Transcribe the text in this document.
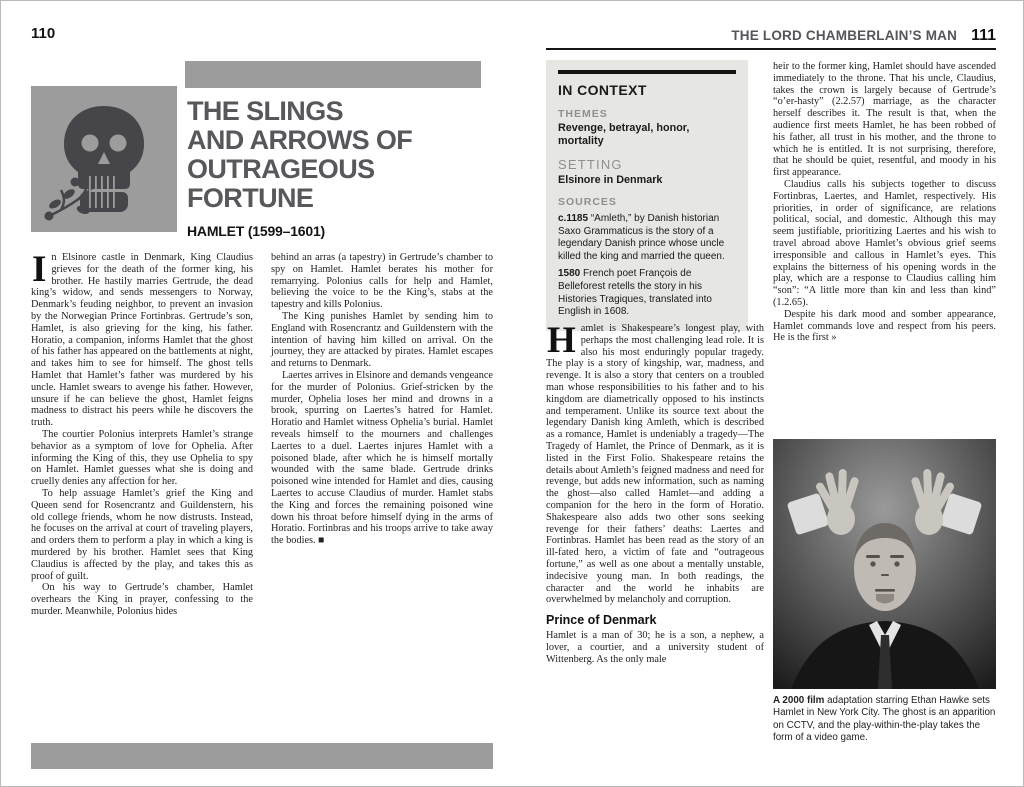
110
THE SLINGS
AND ARROWS OF
OUTRAGEOUS FORTUNE
HAMLET (1599–1601)

In Elsinore castle in Denmark, King Claudius grieves for the death of the former king, his brother. He hastily marries Gertrude, the dead king’s widow, and sends messengers to Norway, Denmark’s feuding neighbor, to prevent an invasion by the Norwegian Prince Fortinbras. Gertrude’s son, Hamlet, is also grieving for the king, his father. Horatio, a companion, informs Hamlet that the ghost of his father has appeared on the battlements at night, and takes him to see for himself. The ghost tells Hamlet that Hamlet’s father was murdered by his uncle. Hamlet swears to avenge his father. However, unsure if he can believe the ghost, Hamlet feigns madness to distract his peers while he discovers the truth.

The courtier Polonius interprets Hamlet’s strange behavior as a symptom of love for Ophelia. After informing the King of this, they use Ophelia to spy on Hamlet. Hamlet guesses what she is doing and cruelly denies any affection for her.

To help assuage Hamlet’s grief the King and Queen send for Rosencrantz and Guildenstern, his old college friends, whom he now distrusts. Instead, he focuses on the arrival at court of traveling players, and orders them to perform a play in which a king is murdered by his brother. Hamlet sees that King Claudius is affected by the play, and takes this as proof of guilt.

On his way to Gertrude’s chamber, Hamlet overhears the King in prayer, confessing to the murder. Meanwhile, Polonius hides

behind an arras (a tapestry) in Gertrude’s chamber to spy on Hamlet. Hamlet berates his mother for remarrying. Polonius calls for help and Hamlet, believing the voice to be the King’s, stabs at the tapestry and kills Polonius.

The King punishes Hamlet by sending him to England with Rosencrantz and Guildenstern with the intention of having him killed on arrival. On the journey, they are attacked by pirates. Hamlet escapes and returns to Denmark.

Laertes arrives in Elsinore and demands vengeance for the murder of Polonius. Grief-stricken by the murder, Ophelia loses her mind and drowns in a brook, spurring on Laertes’s hatred for Hamlet. Horatio and Hamlet witness Ophelia’s burial. Hamlet reveals himself to the mourners and challenges Laertes to a duel. Laertes injures Hamlet with a poisoned blade, after which he is himself mortally wounded with the same blade. Gertrude drinks poisoned wine intended for Hamlet and dies, causing Laertes to accuse Claudius of murder. Hamlet stabs the King and forces the remaining poisoned wine down his throat before himself dying in the arms of Horatio. Fortinbras and his troops arrive to take away the bodies. ■

THE LORD CHAMBERLAIN’S MAN 111
IN CONTEXT
THEMES
Revenge, betrayal, honor, mortality
SETTING
Elsinore in Denmark
SOURCES

c.1185 “Amleth,” by Danish historian Saxo Grammaticus is the story of a legendary Danish prince whose uncle killed the king and married the queen.

1580 French poet François de Belleforest retells the story in his Histories Tragiques, translated into English in 1608.

Hamlet is Shakespeare’s longest play, with perhaps the most challenging lead role. It is also his most enduringly popular tragedy. The play is a story of kingship, war, madness, and revenge. It is also a story that centers on a troubled man whose responsibilities to his father and to his kingdom are diametrically opposed to his instincts and temperament. Unlike its source text about the legendary Danish king Amleth, which is described as a romance, Hamlet is undeniably a tragedy—The Tragedy of Hamlet, the Prince of Denmark, as it is listed in the First Folio. Shakespeare retains the details about Amleth’s feigned madness and need for revenge, but adds new information, such as naming the ghost—also called Hamlet—and adding a companion for the hero in the form of Horatio. Shakespeare also adds two other sons seeking revenge for their fathers’ deaths: Laertes and Fortinbras. Hamlet has been read as the story of an ill-fated hero, a victim of fate and “outrageous fortune,” as well as one about a mentally unstable, indecisive young man. In both readings, the character and the world he inhabits are overwhelmed by melancholy and corruption.

Prince of Denmark

Hamlet is a man of 30; he is a son, a nephew, a lover, a courtier, and a university student of Wittenberg. As the only male

heir to the former king, Hamlet should have ascended immediately to the throne. That his uncle, Claudius, takes the crown is largely because of Gertrude’s “o’er-hasty” (2.2.57) marriage, as the character herself describes it. The result is that, when the audience first meets Hamlet, he has been robbed of his father, all trust in his mother, and the throne to which he is entitled. It is not surprising, therefore, that he should be quiet, resentful, and moody in his first appearance.

Claudius calls his subjects together to discuss Fortinbras, Laertes, and Hamlet, respectively. His priorities, in order of significance, are relations political, social, and domestic. Although this may seem justifiable, prioritizing Laertes and his wish to travel abroad above Hamlet’s obvious grief seems irresponsible and callous in Hamlet’s eyes. This explains the bitterness of his opening words in the play, which are a response to Claudius calling him “son”: “A little more than kin and less than kind” (1.2.65).

Despite his dark mood and somber appearance, Hamlet commands love and respect from his peers. He is the first »

A 2000 film adaptation starring Ethan Hawke sets Hamlet in New York City. The ghost is an apparition on CCTV, and the play-within-the-play takes the form of a video game.
